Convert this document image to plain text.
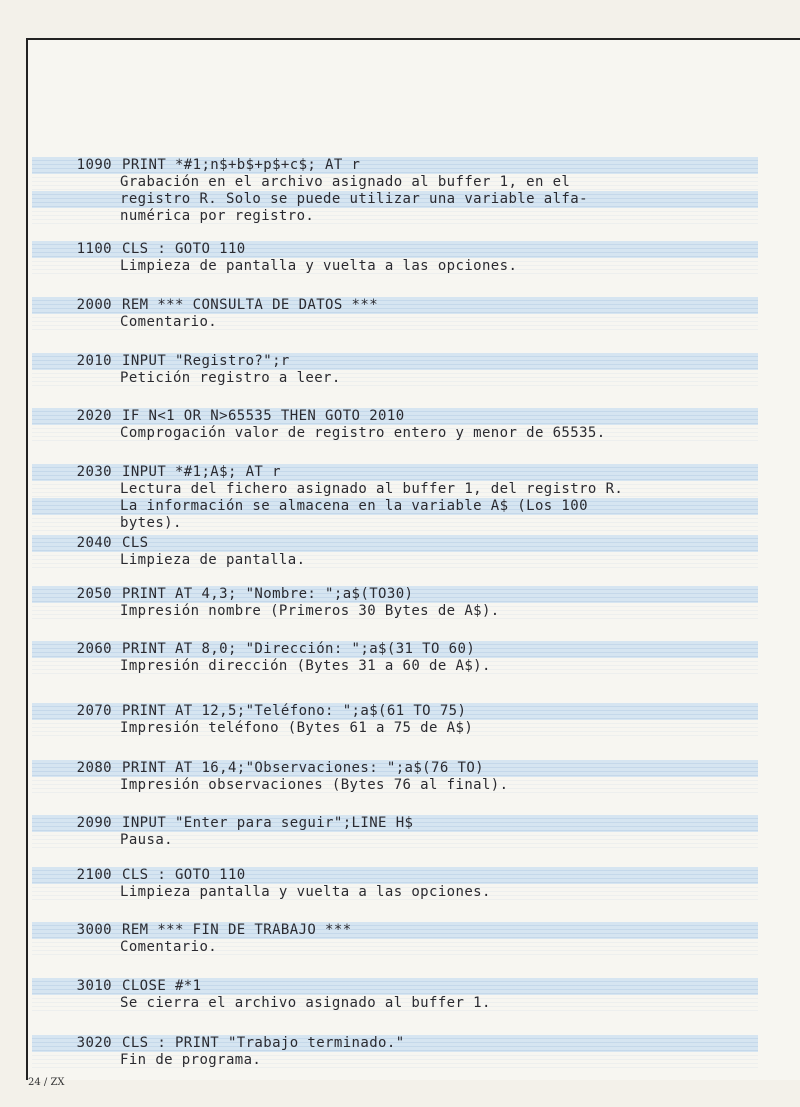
1090 PRINT *#1;n$+b$+p$+c$; AT r
Grabación en el archivo asignado al buffer 1, en el
registro R. Solo se puede utilizar una variable alfa-
numérica por registro.
1100 CLS : GOTO 110
Limpieza de pantalla y vuelta a las opciones.
2000 REM *** CONSULTA DE DATOS ***
Comentario.
2010 INPUT "Registro?";r
Petición registro a leer.
2020 IF N<1 OR N>65535 THEN GOTO 2010
Comprogación valor de registro entero y menor de 65535.
2030 INPUT *#1;A$; AT r
Lectura del fichero asignado al buffer 1, del registro R.
La información se almacena en la variable A$ (Los 100
bytes).
2040 CLS
Limpieza de pantalla.
2050 PRINT AT 4,3; "Nombre: ";a$(TO30)
Impresión nombre (Primeros 30 Bytes de A$).
2060 PRINT AT 8,0; "Dirección: ";a$(31 TO 60)
Impresión dirección (Bytes 31 a 60 de A$).
2070 PRINT AT 12,5;"Teléfono: ";a$(61 TO 75)
Impresión teléfono (Bytes 61 a 75 de A$)
2080 PRINT AT 16,4;"Observaciones: ";a$(76 TO)
Impresión observaciones (Bytes 76 al final).
2090 INPUT "Enter para seguir";LINE H$
Pausa.
2100 CLS : GOTO 110
Limpieza pantalla y vuelta a las opciones.
3000 REM *** FIN DE TRABAJO ***
Comentario.
3010 CLOSE #*1
Se cierra el archivo asignado al buffer 1.
3020 CLS : PRINT "Trabajo terminado."
Fin de programa.
24 / ZX
